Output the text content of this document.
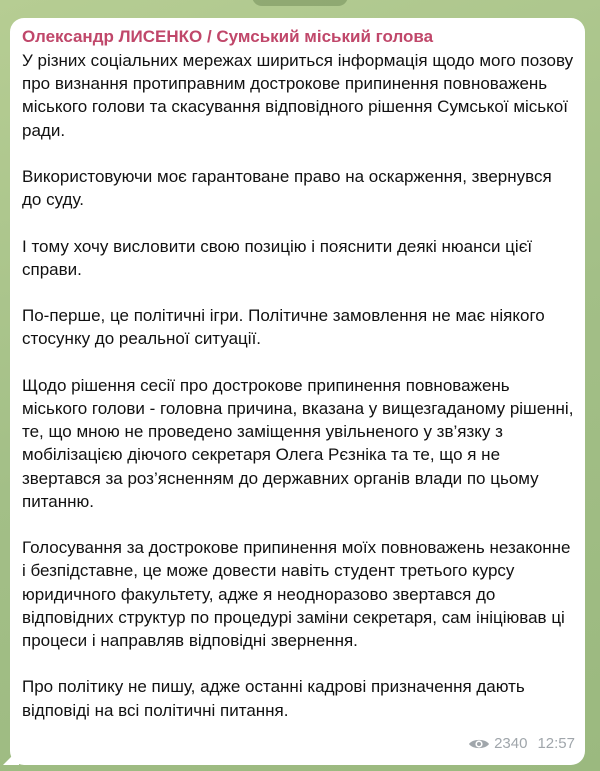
Олександр ЛИСЕНКО / Сумський міський голова

У різних соціальних мережах шириться інформація щодо мого позову про визнання протиправним дострокове припинення повноважень міського голови та скасування відповідного рішення Сумської міської ради.

Використовуючи моє гарантоване право на оскарження, звернувся до суду.

І тому хочу висловити свою позицію і пояснити деякі нюанси цієї справи.

По-перше, це політичні ігри. Політичне замовлення не має ніякого стосунку до реальної ситуації.

Щодо рішення сесії про дострокове припинення повноважень міського голови - головна причина, вказана у вищезгаданому рішенні, те, що мною не проведено заміщення увільненого у зв’язку з мобілізацією діючого секретаря Олега Рєзніка та те, що я не звертався за роз’ясненням до державних органів влади по цьому питанню.

Голосування за дострокове припинення моїх повноважень незаконне і безпідставне, це може довести навіть студент третього курсу юридичного факультету, адже я неодноразово звертався до відповідних структур по процедурі заміни секретаря, сам ініціював ці процеси і направляв відповідні звернення.

Про політику не пишу, адже останні кадрові призначення дають відповіді на всі політичні питання.

2340 12:57
